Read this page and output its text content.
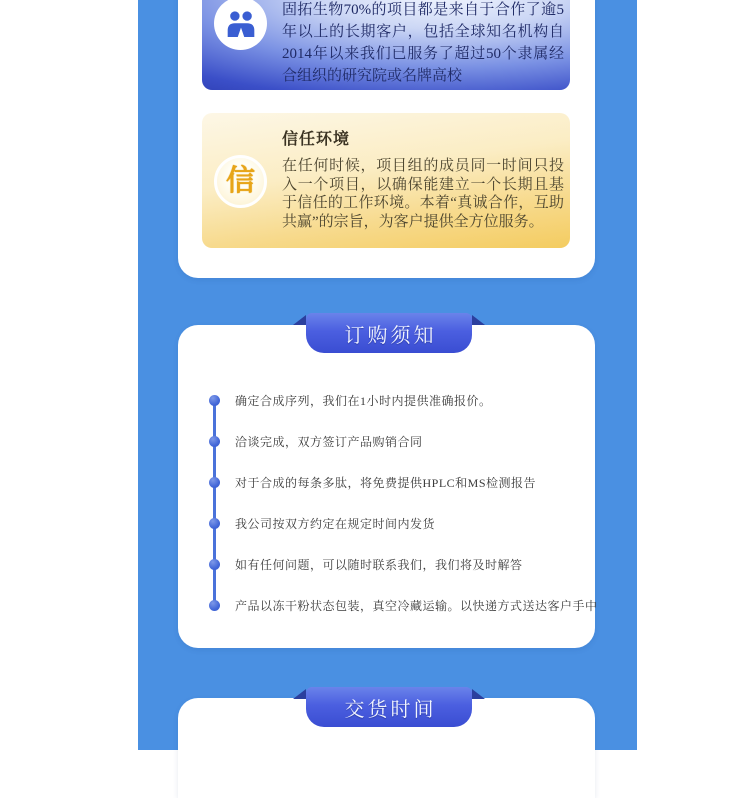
固拓生物70%的项目都是来自于合作了逾5年以上的长期客户，包括全球知名机构自2014年以来我们已服务了超过50个隶属经合组织的研究院或名牌高校
信
信任环境
在任何时候，项目组的成员同一时间只投入一个项目，以确保能建立一个长期且基于信任的工作环境。本着“真诚合作，互助共赢”的宗旨，为客户提供全方位服务。
订购须知
确定合成序列，我们在1小时内提供准确报价。
洽谈完成，双方签订产品购销合同
对于合成的每条多肽，将免费提供HPLC和MS检测报告
我公司按双方约定在规定时间内发货
如有任何问题，可以随时联系我们，我们将及时解答
产品以冻干粉状态包装，真空冷藏运输。以快递方式送达客户手中
交货时间
